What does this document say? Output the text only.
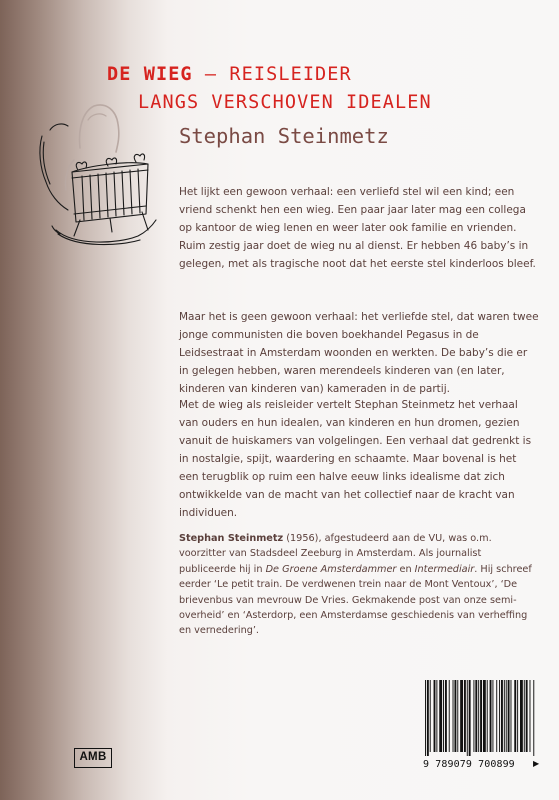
DE WIEG – REISLEIDER
LANGS VERSCHOVEN IDEALEN
Stephan Steinmetz

Het lijkt een gewoon verhaal: een verliefd stel wil een kind; een vriend schenkt hen een wieg. Een paar jaar later mag een collega op kantoor de wieg lenen en weer later ook familie en vrienden. Ruim zestig jaar doet de wieg nu al dienst. Er hebben 46 baby’s in gelegen, met als tragische noot dat het eerste stel kinderloos bleef.

Maar het is geen gewoon verhaal: het verliefde stel, dat waren twee jonge communisten die boven boekhandel Pegasus in de Leidsestraat in Amsterdam woonden en werkten. De baby’s die er in gelegen hebben, waren merendeels kinderen van (en later, kinderen van kinderen van) kameraden in de partij.

Met de wieg als reisleider vertelt Stephan Steinmetz het verhaal van ouders en hun idealen, van kinderen en hun dromen, gezien vanuit de huiskamers van volgelingen. Een verhaal dat gedrenkt is in nostalgie, spijt, waardering en schaamte. Maar bovenal is het een terugblik op ruim een halve eeuw links idealisme dat zich ontwikkelde van de macht van het collectief naar de kracht van individuen.

Stephan Steinmetz (1956), afgestudeerd aan de VU, was o.m. voorzitter van Stadsdeel Zeeburg in Amsterdam. Als journalist publiceerde hij in De Groene Amsterdammer en Intermediair. Hij schreef eerder ‘Le petit train. De verdwenen trein naar de Mont Ventoux’, ‘De brievenbus van mevrouw De Vries. Gekmakende post van onze semi-overheid’ en ‘Asterdorp, een Amsterdamse geschiedenis van verheffing en vernedering’.

AMB
9 789079 700899	▶
